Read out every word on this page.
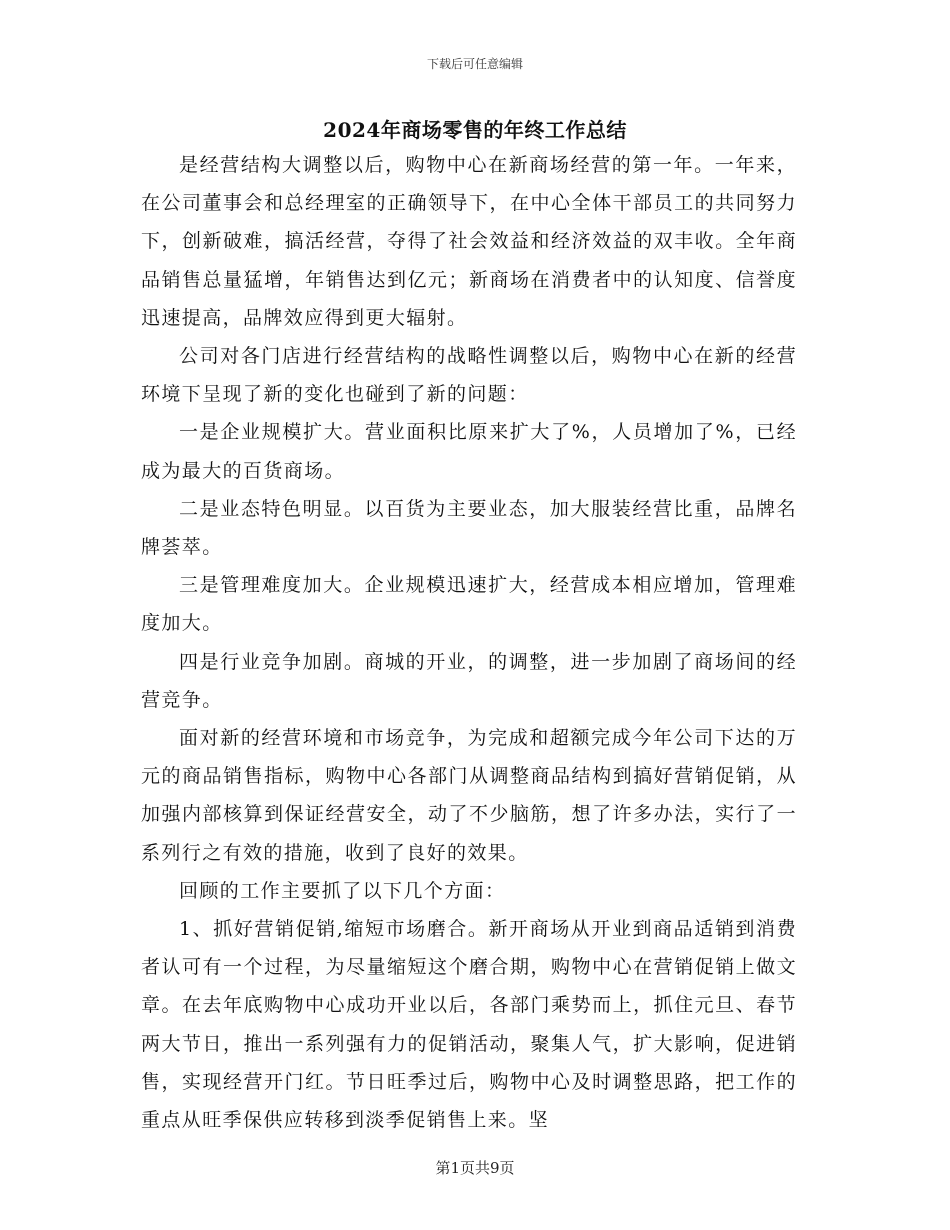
下载后可任意编辑
2024年商场零售的年终工作总结

是经营结构大调整以后，购物中心在新商场经营的第一年。一年来，在公司董事会和总经理室的正确领导下，在中心全体干部员工的共同努力下，创新破难，搞活经营，夺得了社会效益和经济效益的双丰收。全年商品销售总量猛增，年销售达到亿元；新商场在消费者中的认知度、信誉度迅速提高，品牌效应得到更大辐射。

公司对各门店进行经营结构的战略性调整以后，购物中心在新的经营环境下呈现了新的变化也碰到了新的问题：

一是企业规模扩大。营业面积比原来扩大了%，人员增加了%，已经成为最大的百货商场。

二是业态特色明显。以百货为主要业态，加大服装经营比重，品牌名牌荟萃。

三是管理难度加大。企业规模迅速扩大，经营成本相应增加，管理难度加大。

四是行业竞争加剧。商城的开业，的调整，进一步加剧了商场间的经营竞争。

面对新的经营环境和市场竞争，为完成和超额完成今年公司下达的万元的商品销售指标，购物中心各部门从调整商品结构到搞好营销促销，从加强内部核算到保证经营安全，动了不少脑筋，想了许多办法，实行了一系列行之有效的措施，收到了良好的效果。

回顾的工作主要抓了以下几个方面：

1、抓好营销促销,缩短市场磨合。新开商场从开业到商品适销到消费者认可有一个过程，为尽量缩短这个磨合期，购物中心在营销促销上做文章。在去年底购物中心成功开业以后，各部门乘势而上，抓住元旦、春节两大节日，推出一系列强有力的促销活动，聚集人气，扩大影响，促进销售，实现经营开门红。节日旺季过后，购物中心及时调整思路，把工作的重点从旺季保供应转移到淡季促销售上来。坚

第1页共9页
